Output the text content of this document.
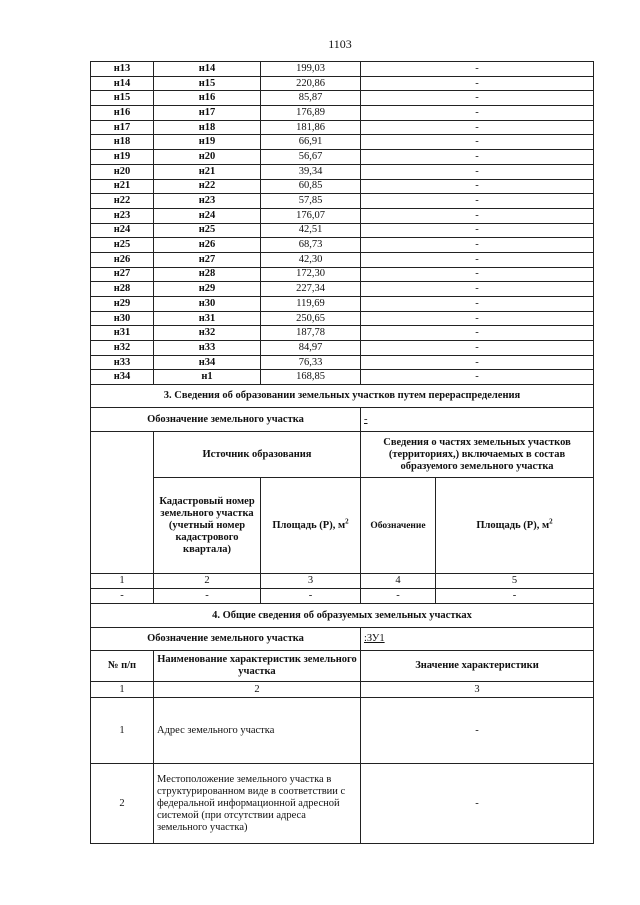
1103
н13	н14	199,03	-	
н14	н15	220,86	-	
н15	н16	85,87	-	
н16	н17	176,89	-	
н17	н18	181,86	-	
н18	н19	66,91	-	
н19	н20	56,67	-	
н20	н21	39,34	-	
н21	н22	60,85	-	
н22	н23	57,85	-	
н23	н24	176,07	-	
н24	н25	42,51	-	
н25	н26	68,73	-	
н26	н27	42,30	-	
н27	н28	172,30	-	
н28	н29	227,34	-	
н29	н30	119,69	-	
н30	н31	250,65	-	
н31	н32	187,78	-	
н32	н33	84,97	-	
н33	н34	76,33	-	
н34	н1	168,85	-	
3. Сведения об образовании земельных участков путем перераспределения				
Обозначение земельного участка			-	
	Источник образования		Сведения о частях земельных участков (территориях,) включаемых в состав образуемого земельного участка	
	Кадастровый номер земельного участка (учетный номер кадастрового квартала)	Площадь (Р), $м^2$	Обозначение	Площадь (Р), $м^2$
1	2	3	4	5
-	-	-	-	-
4. Общие сведения об образуемых земельных участках				
Обозначение земельного участка			:ЗУ1	
№ п/п	Наименование характеристик земельного участка		Значение характеристики	
1	2		3	
1	Адрес земельного участка		-	
2	Местоположение земельного участка в структурированном виде в соответствии с федеральной информационной адресной системой (при отсутствии адреса земельного участка)		-	
